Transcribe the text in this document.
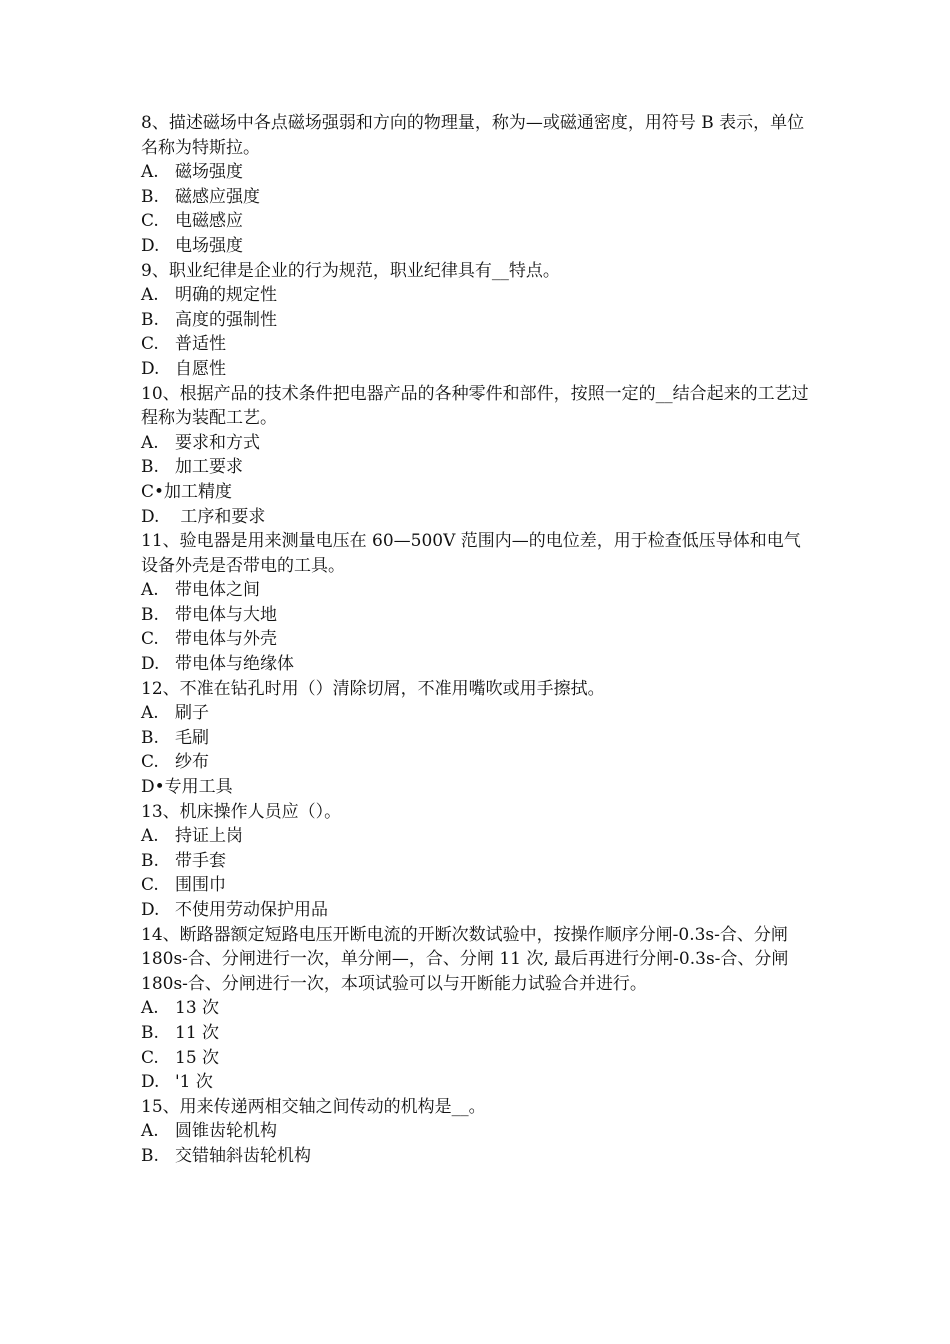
8、描述磁场中各点磁场强弱和方向的物理量，称为—或磁通密度，用符号 B 表示，单位名称为特斯拉。

A. 磁场强度

B. 磁感应强度

C. 电磁感应

D. 电场强度

9、职业纪律是企业的行为规范，职业纪律具有__特点。

A. 明确的规定性

B. 高度的强制性

C. 普适性

D. 自愿性

10、根据产品的技术条件把电器产品的各种零件和部件，按照一定的__结合起来的工艺过程称为装配工艺。

A. 要求和方式

B. 加工要求

C•加工精度

D. 工序和要求

11、验电器是用来测量电压在 60—500V 范围内—的电位差，用于检查低压导体和电气设备外壳是否带电的工具。

A. 带电体之间

B. 带电体与大地

C. 带电体与外壳

D. 带电体与绝缘体

12、不准在钻孔时用（）清除切屑，不准用嘴吹或用手擦拭。

A. 刷子

B. 毛刷

C. 纱布

D•专用工具

13、机床操作人员应（）。

A. 持证上岗

B. 带手套

C. 围围巾

D. 不使用劳动保护用品

14、断路器额定短路电压开断电流的开断次数试验中，按操作顺序分闸-0.3s-合、分闸 180s-合、分闸进行一次，单分闸—，合、分闸 11 次, 最后再进行分闸-0.3s-合、分闸 180s-合、分闸进行一次，本项试验可以与开断能力试验合并进行。

A. 13 次

B. 11 次

C. 15 次

D. '1 次

15、用来传递两相交轴之间传动的机构是__。

A. 圆锥齿轮机构

B. 交错轴斜齿轮机构
